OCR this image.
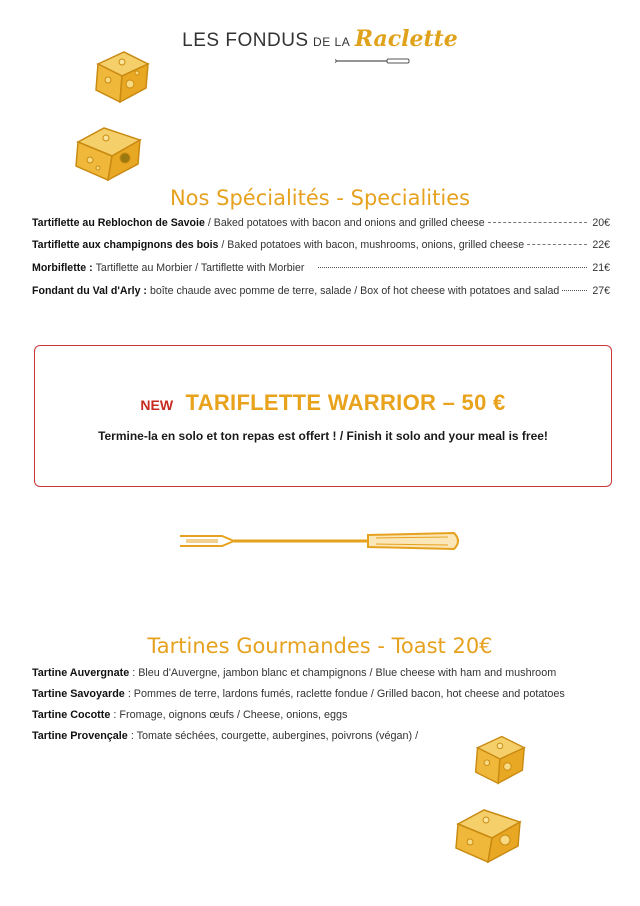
LES FONDUS DE LA Raclette
Nos Spécialités - Specialities
Tartiflette au Reblochon de Savoie / Baked potatoes with bacon and onions and grilled cheese	20€
Tartiflette aux champignons des bois / Baked potatoes with bacon, mushrooms, onions, grilled cheese	22€
Morbiflette : Tartiflette au Morbier / Tartiflette with Morbier	21€
Fondant du Val d'Arly : boîte chaude avec pomme de terre, salade / Box of hot cheese with potatoes and salad	27€
NEW TARIFLETTE WARRIOR – 50 €
Termine-la en solo et ton repas est offert ! / Finish it solo and your meal is free!
Tartines Gourmandes - Toast 20€
Tartine Auvergnate : Bleu d'Auvergne, jambon blanc et champignons / Blue cheese with ham and mushroom
Tartine Savoyarde : Pommes de terre, lardons fumés, raclette fondue / Grilled bacon, hot cheese and potatoes
Tartine Cocotte : Fromage, oignons œufs / Cheese, onions, eggs
Tartine Provençale : Tomate séchées, courgette, aubergines, poivrons (végan) /
